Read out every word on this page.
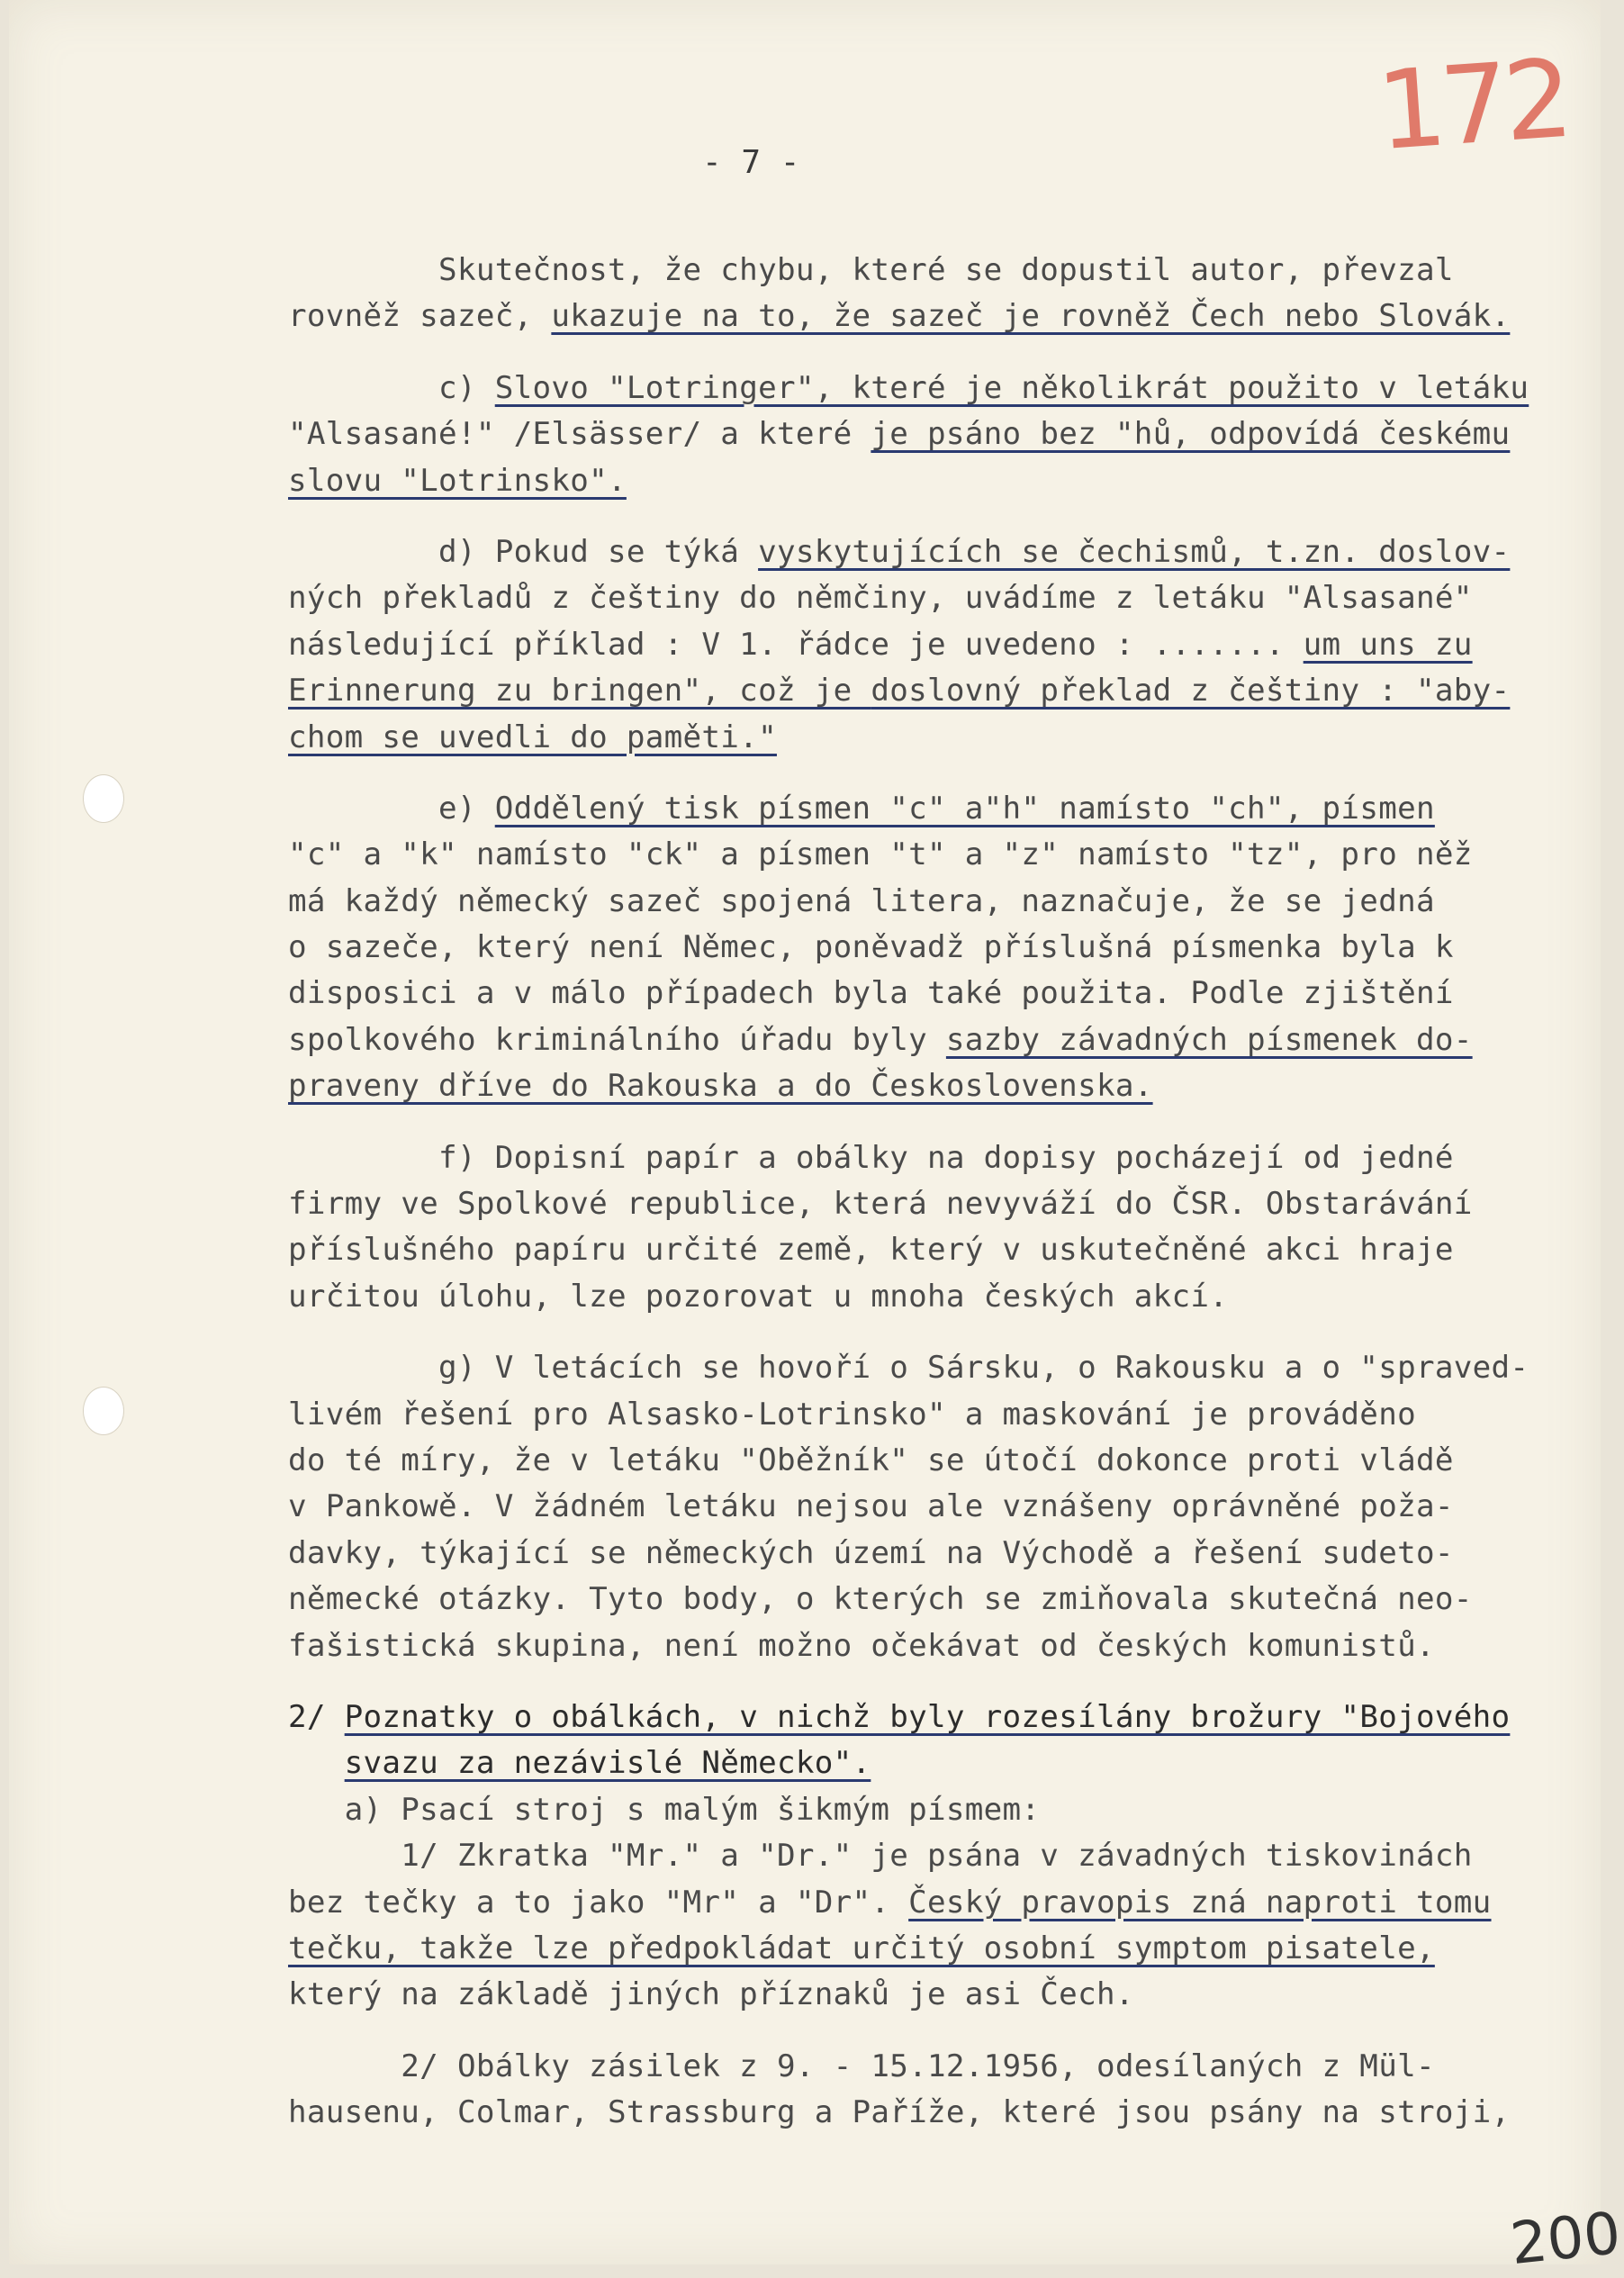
172
200
- 7 -
Skutečnost, že chybu, které se dopustil autor, převzal
rovněž sazeč, ukazuje na to, že sazeč je rovněž Čech nebo Slovák.
c) Slovo "Lotringer", které je několikrát použito v letáku
"Alsasané!" /Elsässer/ a které je psáno bez "hů, odpovídá českému
slovu "Lotrinsko".
d) Pokud se týká vyskytujících se čechismů, t.zn. doslov-
ných překladů z češtiny do němčiny, uvádíme z letáku "Alsasané"
následující příklad : V 1. řádce je uvedeno : ....... um uns zu
Erinnerung zu bringen", což je doslovný překlad z češtiny : "aby-
chom se uvedli do paměti."
e) Oddělený tisk písmen "c" a"h" namísto "ch", písmen
"c" a "k" namísto "ck" a písmen "t" a "z" namísto "tz", pro něž
má každý německý sazeč spojená litera, naznačuje, že se jedná
o sazeče, který není Němec, poněvadž příslušná písmenka byla k
disposici a v málo případech byla také použita. Podle zjištění
spolkového kriminálního úřadu byly sazby závadných písmenek do-
praveny dříve do Rakouska a do Československa.
f) Dopisní papír a obálky na dopisy pocházejí od jedné
firmy ve Spolkové republice, která nevyváží do ČSR. Obstarávání
příslušného papíru určité země, který v uskutečněné akci hraje
určitou úlohu, lze pozorovat u mnoha českých akcí.
g) V letácích se hovoří o Sársku, o Rakousku a o "spraved-
livém řešení pro Alsasko-Lotrinsko" a maskování je prováděno
do té míry, že v letáku "Oběžník" se útočí dokonce proti vládě
v Pankowě. V žádném letáku nejsou ale vznášeny oprávněné poža-
davky, týkající se německých území na Východě a řešení sudeto-
německé otázky. Tyto body, o kterých se zmiňovala skutečná neo-
fašistická skupina, není možno očekávat od českých komunistů.
2/ Poznatky o obálkách, v nichž byly rozesílány brožury "Bojového
svazu za nezávislé Německo".
a) Psací stroj s malým šikmým písmem:
1/ Zkratka "Mr." a "Dr." je psána v závadných tiskovinách
bez tečky a to jako "Mr" a "Dr". Český pravopis zná naproti tomu
tečku, takže lze předpokládat určitý osobní symptom pisatele,
který na základě jiných příznaků je asi Čech.
2/ Obálky zásilek z 9. - 15.12.1956, odesílaných z Mül-
hausenu, Colmar, Strassburg a Paříže, které jsou psány na stroji,
